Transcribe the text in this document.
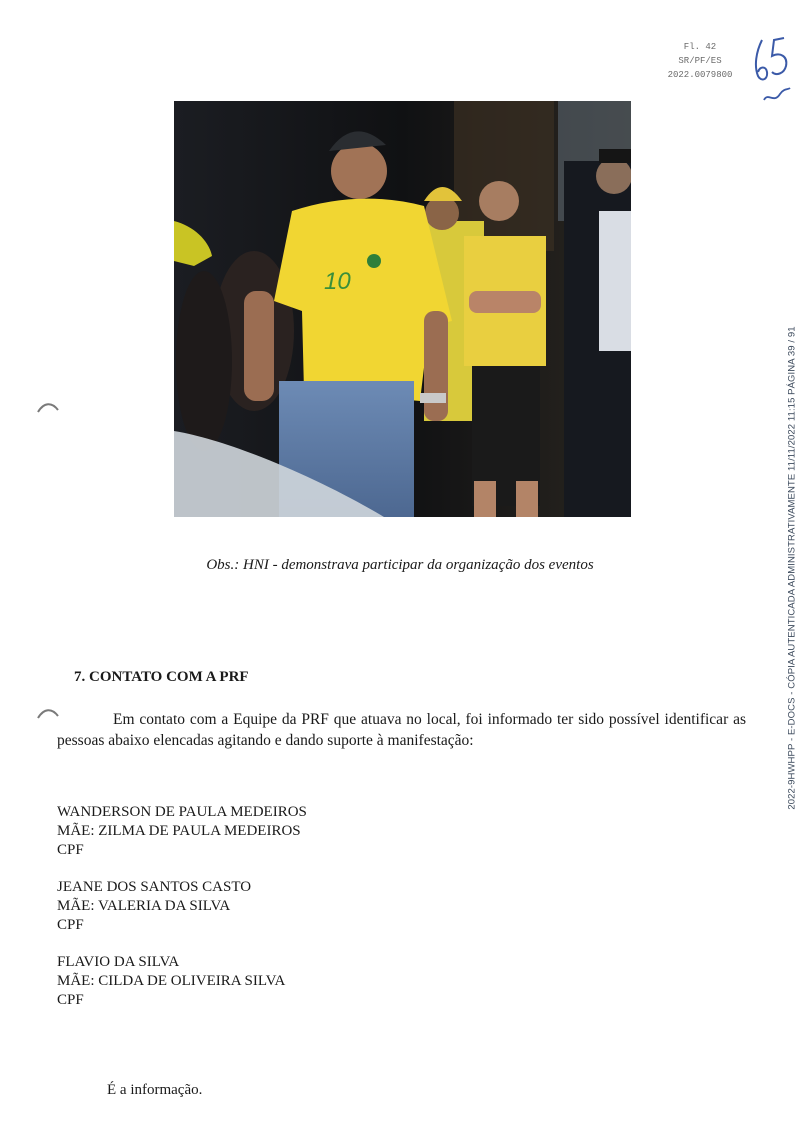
Fl. 42
SR/PF/ES
2022.0079800
10
Obs.: HNI - demonstrava participar da organização dos eventos
7. CONTATO COM A PRF
Em contato com a Equipe da PRF que atuava no local, foi informado ter sido possível identificar as pessoas abaixo elencadas agitando e dando suporte à manifestação:
WANDERSON DE PAULA MEDEIROS
MÃE: ZILMA DE PAULA MEDEIROS
CPF
JEANE DOS SANTOS CASTO
MÃE: VALERIA DA SILVA
CPF
FLAVIO DA SILVA
MÃE: CILDA DE OLIVEIRA SILVA
CPF
É a informação.
2022-9HWHPP - E-DOCS - CÓPIA AUTENTICADA ADMINISTRATIVAMENTE 11/11/2022 11:15 PÁGINA 39 / 91
